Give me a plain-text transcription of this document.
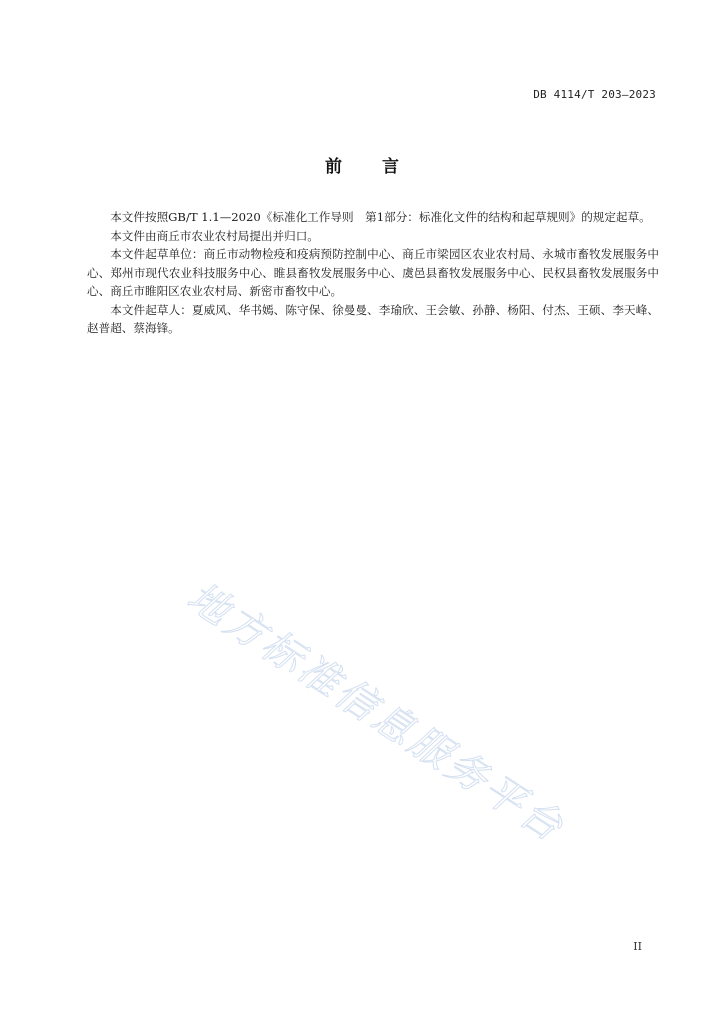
DB 4114/T 203—2023
前言

本文件按照GB/T 1.1—2020《标准化工作导则　第1部分：标准化文件的结构和起草规则》的规定起草。

本文件由商丘市农业农村局提出并归口。

本文件起草单位：商丘市动物检疫和疫病预防控制中心、商丘市梁园区农业农村局、永城市畜牧发展服务中心、郑州市现代农业科技服务中心、睢县畜牧发展服务中心、虞邑县畜牧发展服务中心、民权县畜牧发展服务中心、商丘市睢阳区农业农村局、新密市畜牧中心。

本文件起草人：夏威风、华书嫣、陈守保、徐曼曼、李瑜欣、王会敏、孙静、杨阳、付杰、王硕、李天峰、赵普超、蔡海锋。

地方标准信息服务平台
II
